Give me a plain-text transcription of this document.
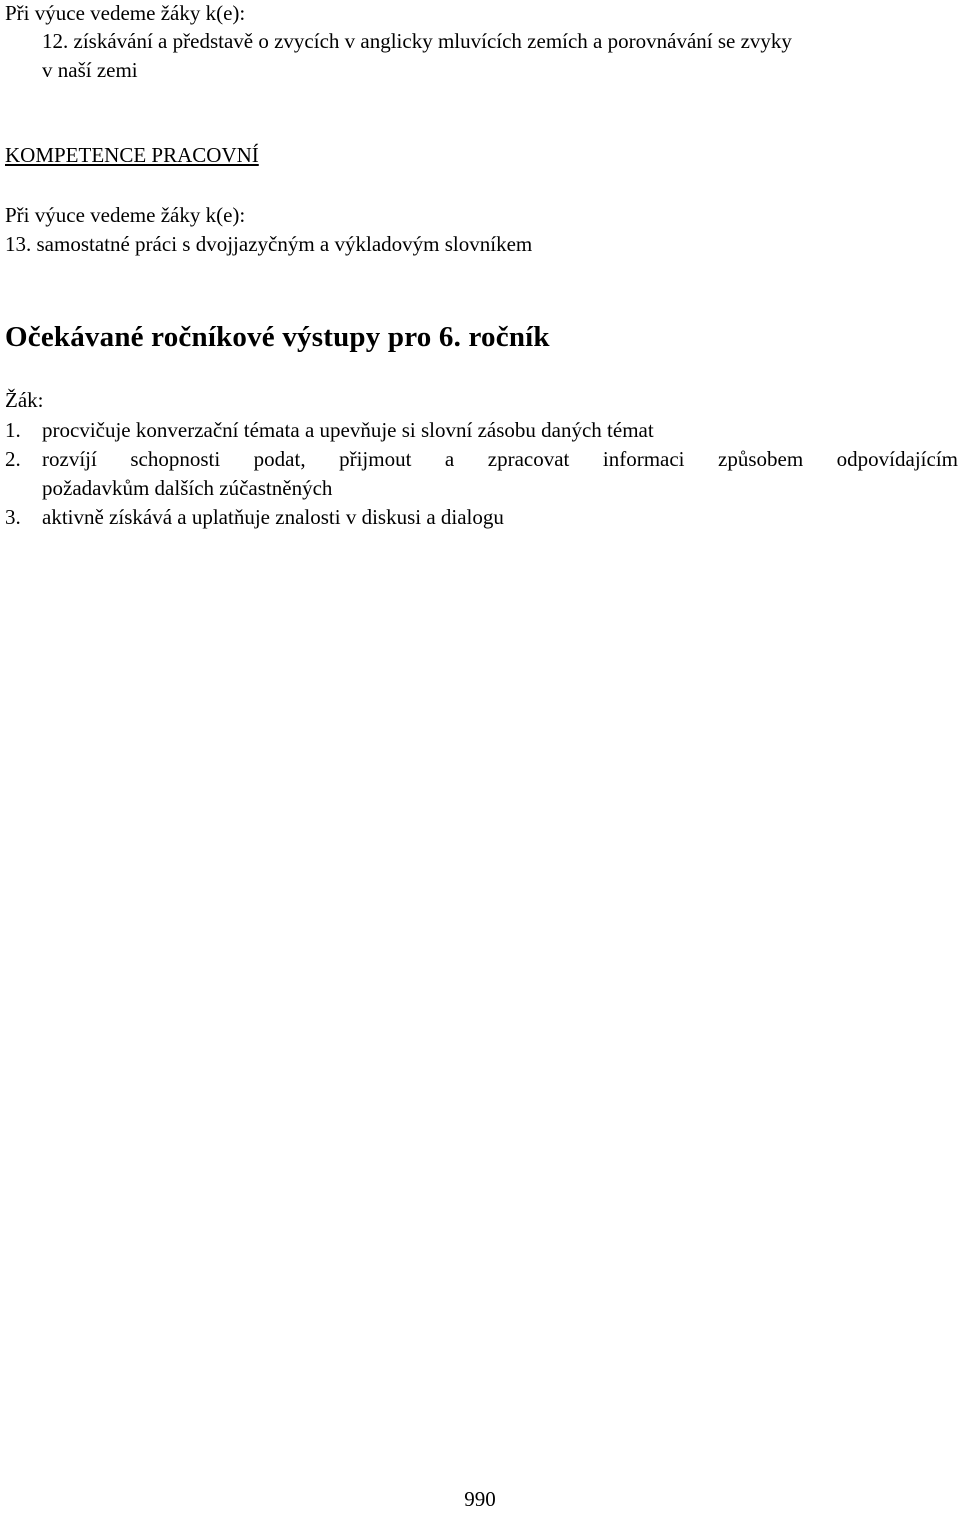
Při výuce vedeme žáky k(e):
12. získávání a představě o zvycích v anglicky mluvících zemích a porovnávání se zvyky
v naší zemi
KOMPETENCE PRACOVNÍ
Při výuce vedeme žáky k(e):
13. samostatné práci s dvojjazyčným a výkladovým slovníkem
Očekávané ročníkové výstupy pro 6. ročník
Žák:
1. procvičuje konverzační témata a upevňuje si slovní zásobu daných témat
2. rozvíjí schopnosti podat, přijmout a zpracovat informaci způsobem odpovídajícím
požadavkům dalších zúčastněných
3. aktivně získává a uplatňuje znalosti v diskusi a dialogu
990
